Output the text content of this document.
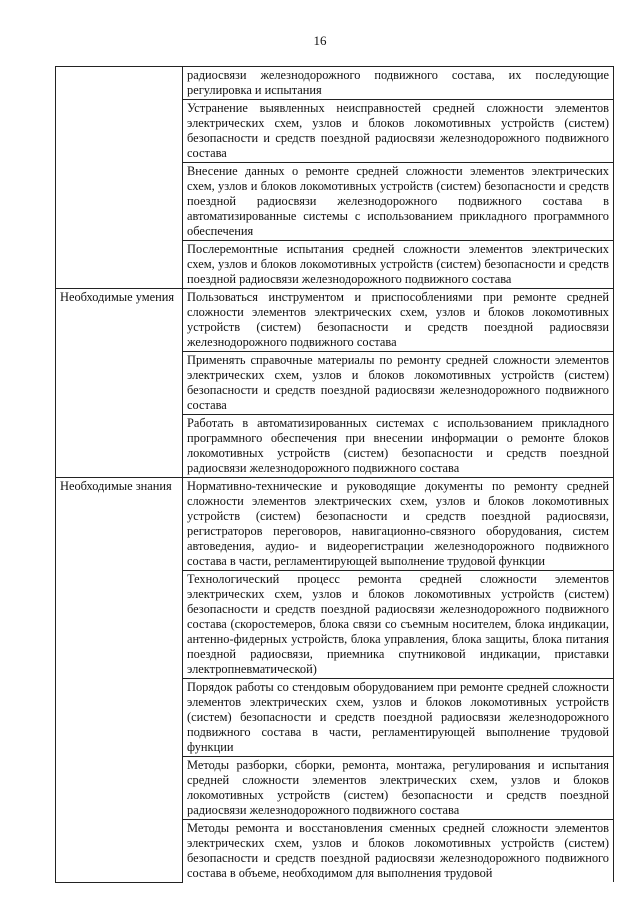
16
	радиосвязи железнодорожного подвижного состава, их последующие регулировка и испытания
	Устранение выявленных неисправностей средней сложности элементов электрических схем, узлов и блоков локомотивных устройств (систем) безопасности и средств поездной радиосвязи железнодорожного подвижного состава
	Внесение данных о ремонте средней сложности элементов электрических схем, узлов и блоков локомотивных устройств (систем) безопасности и средств поездной радиосвязи железнодорожного подвижного состава в автоматизированные системы с использованием прикладного программного обеспечения
	Послеремонтные испытания средней сложности элементов электрических схем, узлов и блоков локомотивных устройств (систем) безопасности и средств поездной радиосвязи железнодорожного подвижного состава
Необходимые умения	Пользоваться инструментом и приспособлениями при ремонте средней сложности элементов электрических схем, узлов и блоков локомотивных устройств (систем) безопасности и средств поездной радиосвязи железнодорожного подвижного состава
	Применять справочные материалы по ремонту средней сложности элементов электрических схем, узлов и блоков локомотивных устройств (систем) безопасности и средств поездной радиосвязи железнодорожного подвижного состава
	Работать в автоматизированных системах с использованием прикладного программного обеспечения при внесении информации о ремонте блоков локомотивных устройств (систем) безопасности и средств поездной радиосвязи железнодорожного подвижного состава
Необходимые знания	Нормативно-технические и руководящие документы по ремонту средней сложности элементов электрических схем, узлов и блоков локомотивных устройств (систем) безопасности и средств поездной радиосвязи, регистраторов переговоров, навигационно-связного оборудования, систем автоведения, аудио- и видеорегистрации железнодорожного подвижного состава в части, регламентирующей выполнение трудовой функции
	Технологический процесс ремонта средней сложности элементов электрических схем, узлов и блоков локомотивных устройств (систем) безопасности и средств поездной радиосвязи железнодорожного подвижного состава (скоростемеров, блока связи со съемным носителем, блока индикации, антенно-фидерных устройств, блока управления, блока защиты, блока питания поездной радиосвязи, приемника спутниковой индикации, приставки электропневматической)
	Порядок работы со стендовым оборудованием при ремонте средней сложности элементов электрических схем, узлов и блоков локомотивных устройств (систем) безопасности и средств поездной радиосвязи железнодорожного подвижного состава в части, регламентирующей выполнение трудовой функции
	Методы разборки, сборки, ремонта, монтажа, регулирования и испытания средней сложности элементов электрических схем, узлов и блоков локомотивных устройств (систем) безопасности и средств поездной радиосвязи железнодорожного подвижного состава
	Методы ремонта и восстановления сменных средней сложности элементов электрических схем, узлов и блоков локомотивных устройств (систем) безопасности и средств поездной радиосвязи железнодорожного подвижного состава в объеме, необходимом для выполнения трудовой
